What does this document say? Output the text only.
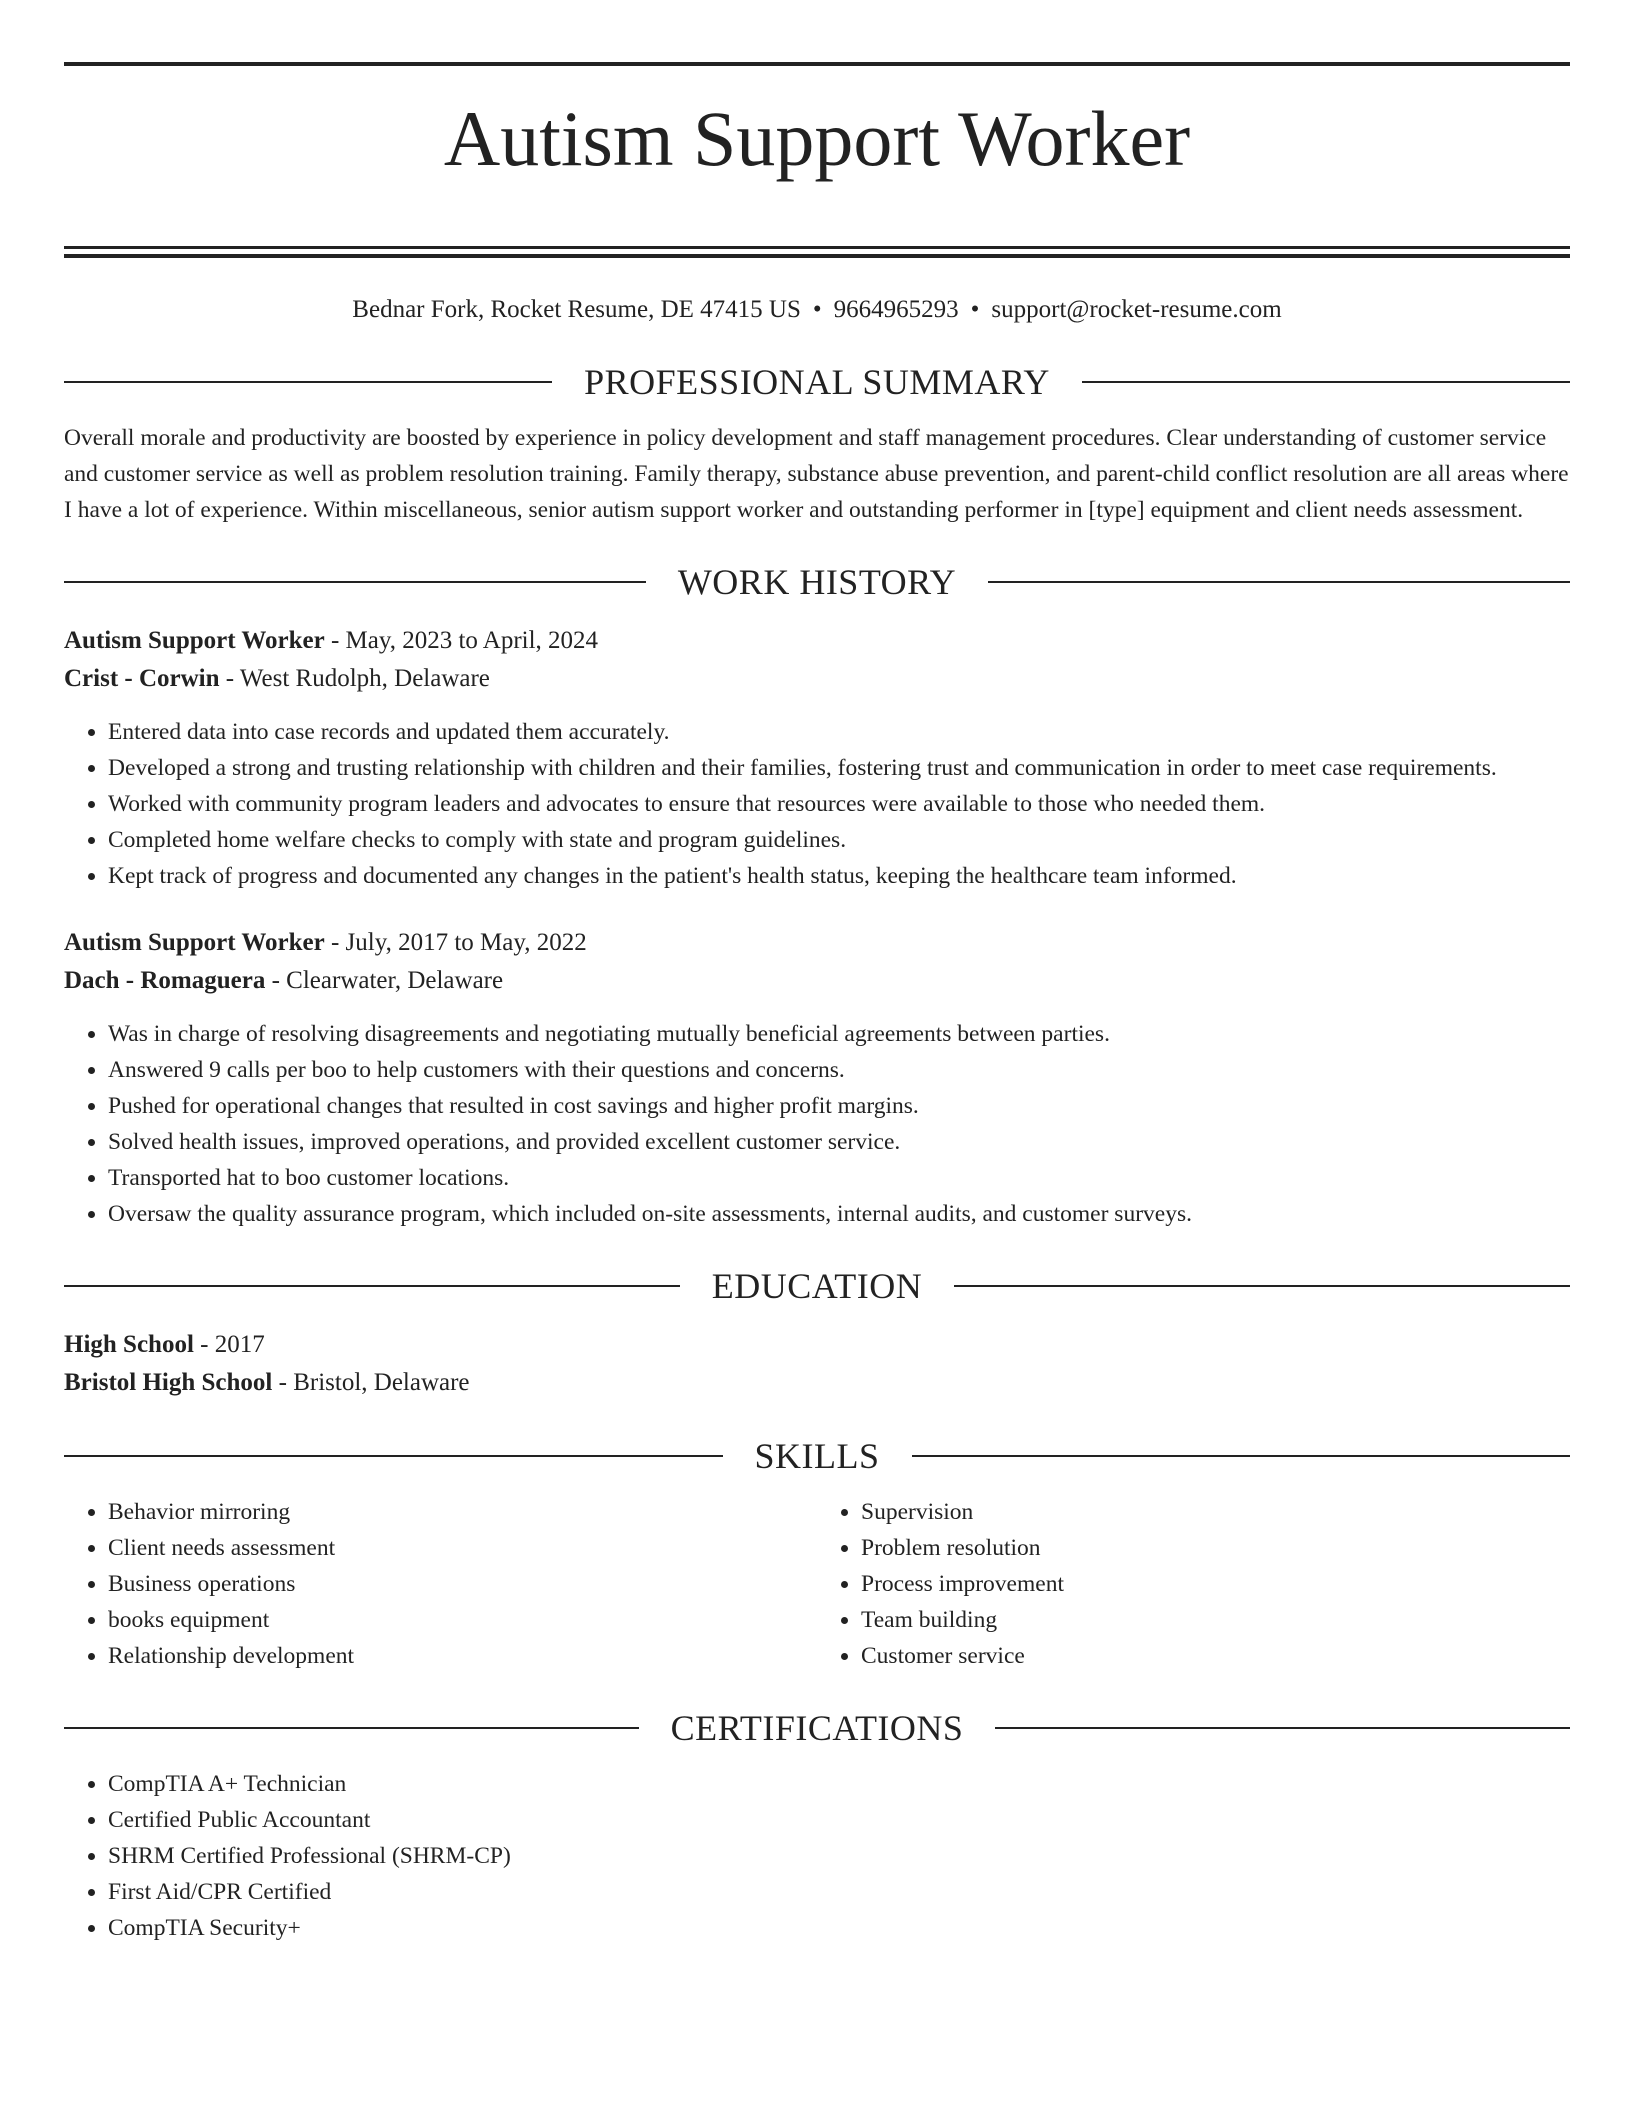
Autism Support Worker
Bednar Fork, Rocket Resume, DE 47415 US • 9664965293 • support@rocket-resume.com
PROFESSIONAL SUMMARY

Overall morale and productivity are boosted by experience in policy development and staff management procedures. Clear understanding of customer service and customer service as well as problem resolution training. Family therapy, substance abuse prevention, and parent-child conflict resolution are all areas where I have a lot of experience. Within miscellaneous, senior autism support worker and outstanding performer in [type] equipment and client needs assessment.

WORK HISTORY
Autism Support Worker - May, 2023 to April, 2024
Crist - Corwin - West Rudolph, Delaware
• Entered data into case records and updated them accurately.
• Developed a strong and trusting relationship with children and their families, fostering trust and communication in order to meet case requirements.
• Worked with community program leaders and advocates to ensure that resources were available to those who needed them.
• Completed home welfare checks to comply with state and program guidelines.
• Kept track of progress and documented any changes in the patient's health status, keeping the healthcare team informed.
Autism Support Worker - July, 2017 to May, 2022
Dach - Romaguera - Clearwater, Delaware
• Was in charge of resolving disagreements and negotiating mutually beneficial agreements between parties.
• Answered 9 calls per boo to help customers with their questions and concerns.
• Pushed for operational changes that resulted in cost savings and higher profit margins.
• Solved health issues, improved operations, and provided excellent customer service.
• Transported hat to boo customer locations.
• Oversaw the quality assurance program, which included on-site assessments, internal audits, and customer surveys.
EDUCATION
High School - 2017
Bristol High School - Bristol, Delaware
SKILLS
• Behavior mirroring
• Client needs assessment
• Business operations
• books equipment
• Relationship development
• Supervision
• Problem resolution
• Process improvement
• Team building
• Customer service
CERTIFICATIONS
• CompTIA A+ Technician
• Certified Public Accountant
• SHRM Certified Professional (SHRM-CP)
• First Aid/CPR Certified
• CompTIA Security+
